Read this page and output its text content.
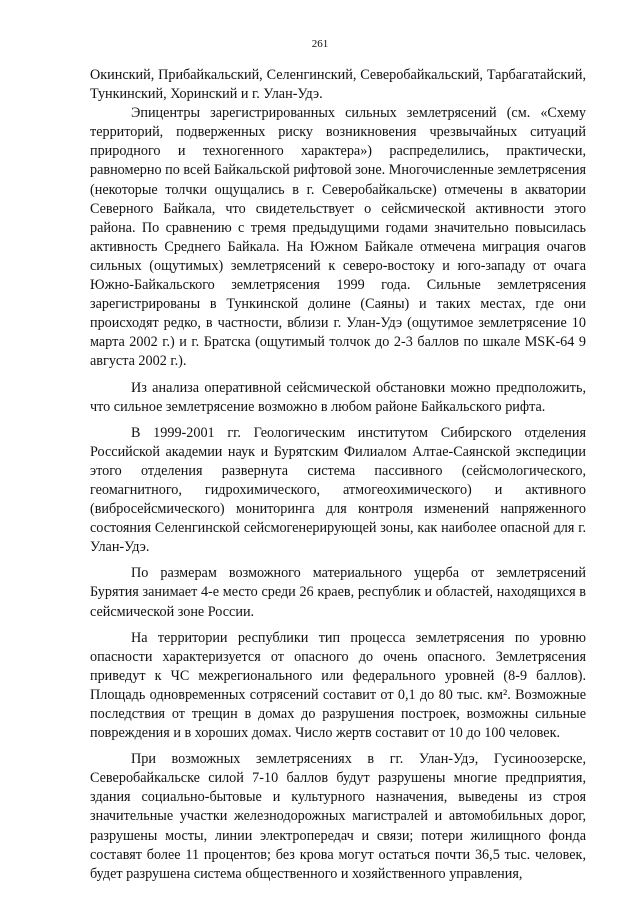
261

Окинский, Прибайкальский, Селенгинский, Северобайкальский, Тарбагатайский, Тункинский, Хоринский и г. Улан-Удэ.

Эпицентры зарегистрированных сильных землетрясений (см. «Схему территорий, подверженных риску возникновения чрезвычайных ситуаций природного и техногенного характера») распределились, практически, равномерно по всей Байкальской рифтовой зоне. Многочисленные землетрясения (некоторые толчки ощущались в г. Северобайкальске) отмечены в акватории Северного Байкала, что свидетельствует о сейсмической активности этого района. По сравнению с тремя предыдущими годами значительно повысилась активность Среднего Байкала. На Южном Байкале отмечена миграция очагов сильных (ощутимых) землетрясений к северо-востоку и юго-западу от очага Южно-Байкальского землетрясения 1999 года. Сильные землетрясения зарегистрированы в Тункинской долине (Саяны) и таких местах, где они происходят редко, в частности, вблизи г. Улан-Удэ (ощутимое землетрясение 10 марта 2002 г.) и г. Братска (ощутимый толчок до 2-3 баллов по шкале MSK-64 9 августа 2002 г.).

Из анализа оперативной сейсмической обстановки можно предположить, что сильное землетрясение возможно в любом районе Байкальского рифта.

В 1999-2001 гг. Геологическим институтом Сибирского отделения Российской академии наук и Бурятским Филиалом Алтае-Саянской экспедиции этого отделения развернута система пассивного (сейсмологического, геомагнитного, гидрохимического, атмогеохимического) и активного (вибросейсмического) мониторинга для контроля изменений напряженного состояния Селенгинской сейсмогенерирующей зоны, как наиболее опасной для г. Улан-Удэ.

По размерам возможного материального ущерба от землетрясений Бурятия занимает 4-е место среди 26 краев, республик и областей, находящихся в сейсмической зоне России.

На территории республики тип процесса землетрясения по уровню опасности характеризуется от опасного до очень опасного. Землетрясения приведут к ЧС межрегионального или федерального уровней (8-9 баллов). Площадь одновременных сотрясений составит от 0,1 до 80 тыс. км². Возможные последствия от трещин в домах до разрушения построек, возможны сильные повреждения и в хороших домах. Число жертв составит от 10 до 100 человек.

При возможных землетрясениях в гг. Улан-Удэ, Гусиноозерске, Северобайкальске силой 7-10 баллов будут разрушены многие предприятия, здания социально-бытовые и культурного назначения, выведены из строя значительные участки железнодорожных магистралей и автомобильных дорог, разрушены мосты, линии электропередач и связи; потери жилищного фонда составят более 11 процентов; без крова могут остаться почти 36,5 тыс. человек, будет разрушена система общественного и хозяйственного управления,
